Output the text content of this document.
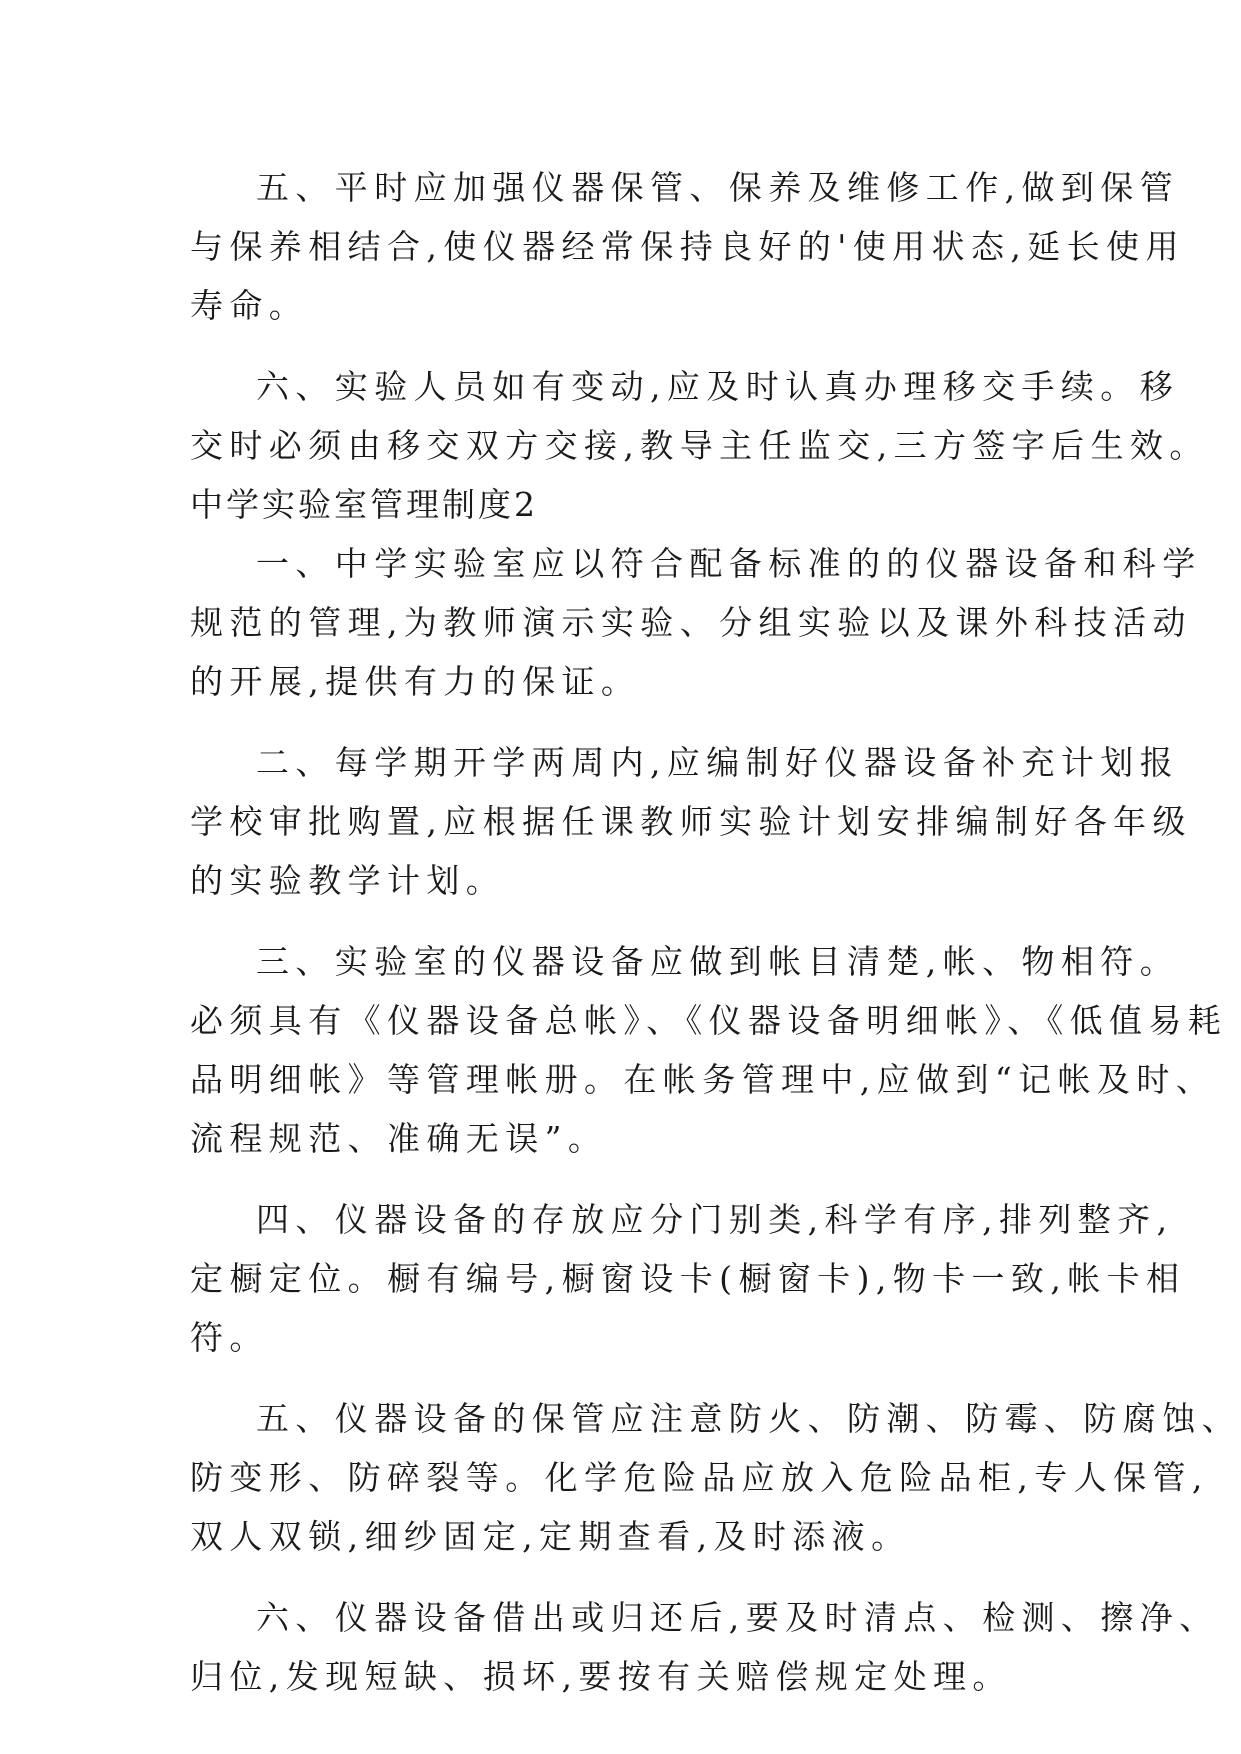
五、平时应加强仪器保管、保养及维修工作,做到保管
与保养相结合,使仪器经常保持良好的'使用状态,延长使用
寿命。
六、实验人员如有变动,应及时认真办理移交手续。移
交时必须由移交双方交接,教导主任监交,三方签字后生效。
中学实验室管理制度2
一、中学实验室应以符合配备标准的的仪器设备和科学
规范的管理,为教师演示实验、分组实验以及课外科技活动
的开展,提供有力的保证。
二、每学期开学两周内,应编制好仪器设备补充计划报
学校审批购置,应根据任课教师实验计划安排编制好各年级
的实验教学计划。
三、实验室的仪器设备应做到帐目清楚,帐、物相符。
必须具有《仪器设备总帐》、《仪器设备明细帐》、《低值易耗
品明细帐》等管理帐册。在帐务管理中,应做到“记帐及时、
流程规范、准确无误”。
四、仪器设备的存放应分门别类,科学有序,排列整齐,
定橱定位。橱有编号,橱窗设卡(橱窗卡),物卡一致,帐卡相
符。
五、仪器设备的保管应注意防火、防潮、防霉、防腐蚀、
防变形、防碎裂等。化学危险品应放入危险品柜,专人保管,
双人双锁,细纱固定,定期查看,及时添液。
六、仪器设备借出或归还后,要及时清点、检测、擦净、
归位,发现短缺、损坏,要按有关赔偿规定处理。
